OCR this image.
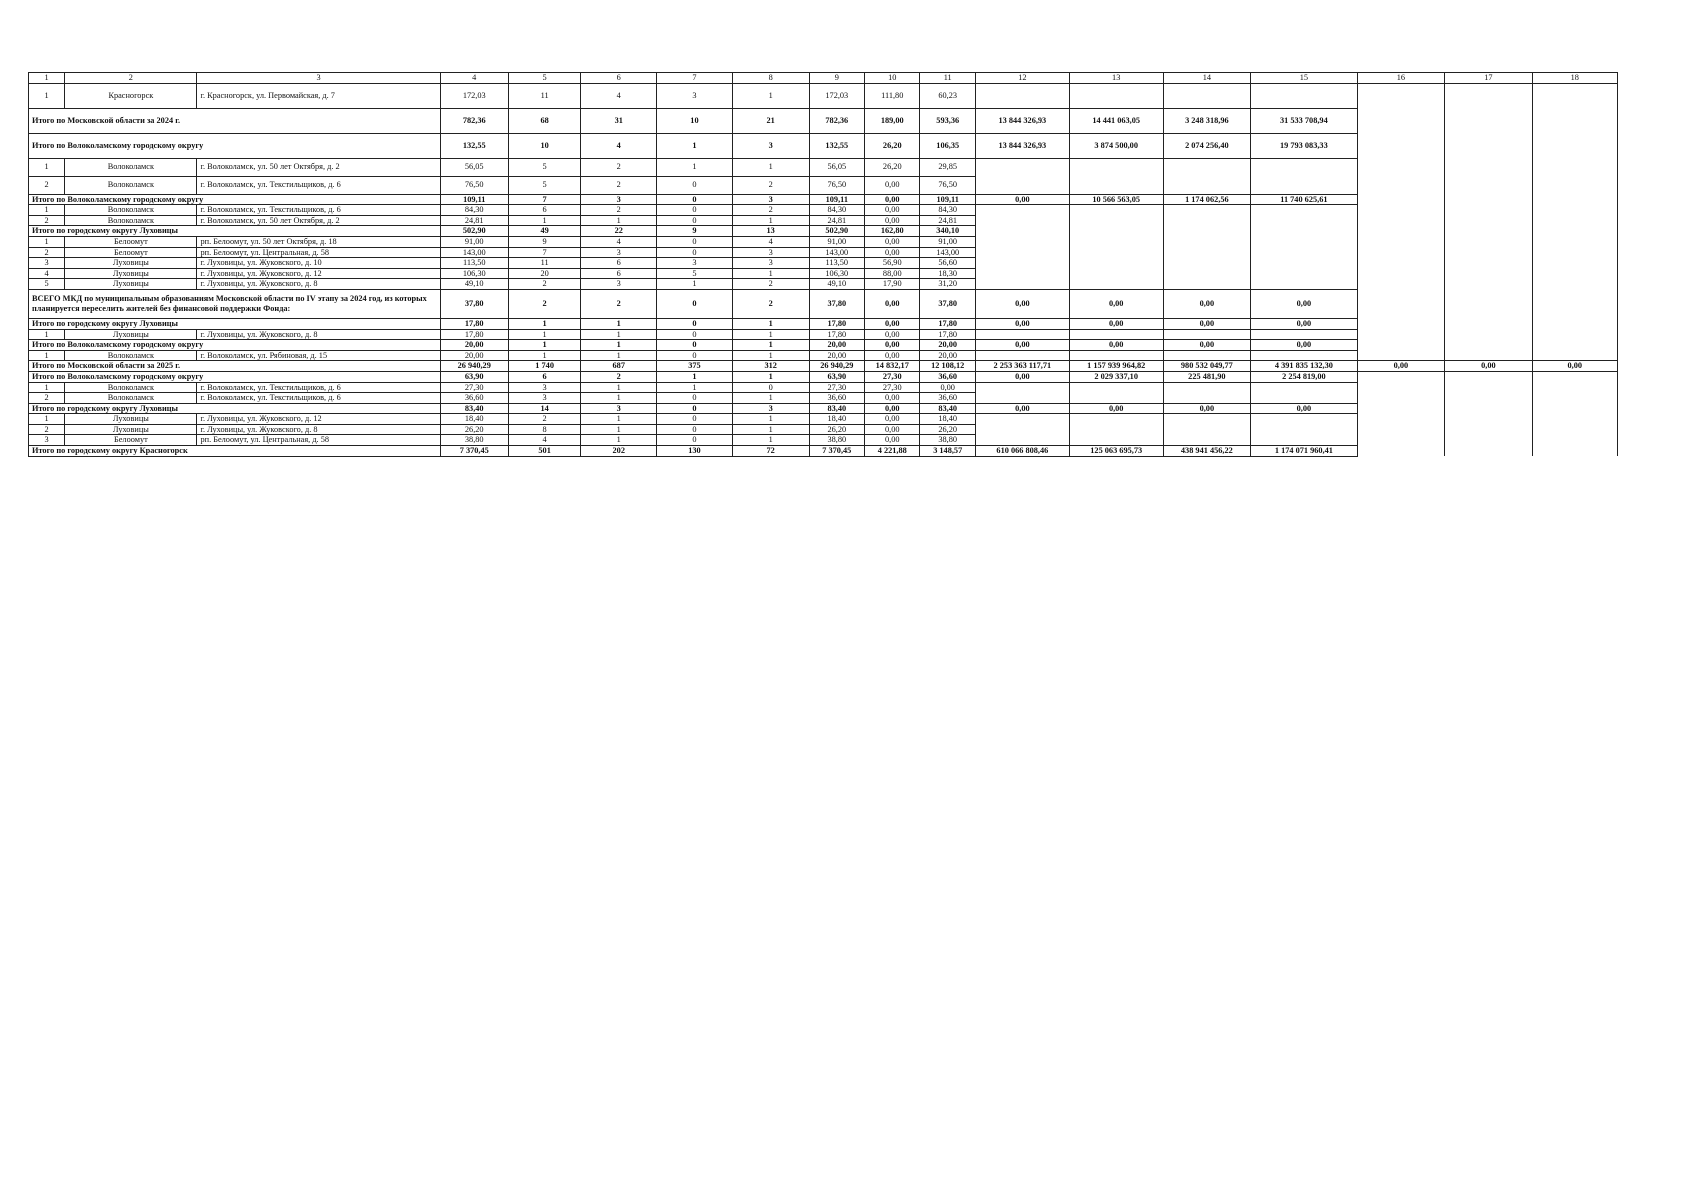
1	2	3	4	5	6	7	8	9	10	11	12	13	14	15	16	17	18
1	Красногорск	г. Красногорск, ул. Первомайская, д. 7	172,03	11	4	3	1	172,03	111,80	60,23							
Итого по Московской области за 2024 г.			782,36	68	31	10	21	782,36	189,00	593,36	13 844 326,93	14 441 063,05	3 248 318,96	31 533 708,94			
Итого по Волоколамскому городскому округу			132,55	10	4	1	3	132,55	26,20	106,35	13 844 326,93	3 874 500,00	2 074 256,40	19 793 083,33			
1	Волоколамск	г. Волоколамск, ул. 50 лет Октября, д. 2	56,05	5	2	1	1	56,05	26,20	29,85							
2	Волоколамск	г. Волоколамск, ул. Текстильщиков, д. 6	76,50	5	2	0	2	76,50	0,00	76,50							
Итого по Волоколамскому городскому округу			109,11	7	3	0	3	109,11	0,00	109,11	0,00	10 566 563,05	1 174 062,56	11 740 625,61			
1	Волоколамск	г. Волоколамск, ул. Текстильщиков, д. 6	84,30	6	2	0	2	84,30	0,00	84,30							
2	Волоколамск	г. Волоколамск, ул. 50 лет Октября, д. 2	24,81	1	1	0	1	24,81	0,00	24,81							
Итого по городскому округу Луховицы			502,90	49	22	9	13	502,90	162,80	340,10							
1	Белоомут	рп. Белоомут, ул. 50 лет Октября, д. 18	91,00	9	4	0	4	91,00	0,00	91,00							
2	Белоомут	рп. Белоомут, ул. Центральная, д. 58	143,00	7	3	0	3	143,00	0,00	143,00							
3	Луховицы	г. Луховицы, ул. Жуковского, д. 10	113,50	11	6	3	3	113,50	56,90	56,60							
4	Луховицы	г. Луховицы, ул. Жуковского, д. 12	106,30	20	6	5	1	106,30	88,00	18,30							
5	Луховицы	г. Луховицы, ул. Жуковского, д. 8	49,10	2	3	1	2	49,10	17,90	31,20							
ВСЕГО МКД по муниципальным образованиям Московской области по IV этапу за 2024 год, из которых планируется переселить жителей без финансовой поддержки Фонда:			37,80	2	2	0	2	37,80	0,00	37,80	0,00	0,00	0,00	0,00			
Итого по городскому округу Луховицы			17,80	1	1	0	1	17,80	0,00	17,80	0,00	0,00	0,00	0,00			
1	Луховицы	г. Луховицы, ул. Жуковского, д. 8	17,80	1	1	0	1	17,80	0,00	17,80							
Итого по Волоколамскому городскому округу			20,00	1	1	0	1	20,00	0,00	20,00	0,00	0,00	0,00	0,00			
1	Волоколамск	г. Волоколамск, ул. Рябиновая, д. 15	20,00	1	1	0	1	20,00	0,00	20,00							
Итого по Московской области за 2025 г.			26 940,29	1 740	687	375	312	26 940,29	14 832,17	12 108,12	2 253 363 117,71	1 157 939 964,82	980 532 049,77	4 391 835 132,30	0,00	0,00	0,00
Итого по Волоколамскому городскому округу			63,90	6	2	1	1	63,90	27,30	36,60	0,00	2 029 337,10	225 481,90	2 254 819,00			
1	Волоколамск	г. Волоколамск, ул. Текстильщиков, д. 6	27,30	3	1	1	0	27,30	27,30	0,00							
2	Волоколамск	г. Волоколамск, ул. Текстильщиков, д. 6	36,60	3	1	0	1	36,60	0,00	36,60							
Итого по городскому округу Луховицы			83,40	14	3	0	3	83,40	0,00	83,40	0,00	0,00	0,00	0,00			
1	Луховицы	г. Луховицы, ул. Жуковского, д. 12	18,40	2	1	0	1	18,40	0,00	18,40							
2	Луховицы	г. Луховицы, ул. Жуковского, д. 8	26,20	8	1	0	1	26,20	0,00	26,20							
3	Белоомут	рп. Белоомут, ул. Центральная, д. 58	38,80	4	1	0	1	38,80	0,00	38,80							
Итого по городскому округу Красногорск			7 370,45	501	202	130	72	7 370,45	4 221,88	3 148,57	610 066 808,46	125 063 695,73	438 941 456,22	1 174 071 960,41			
